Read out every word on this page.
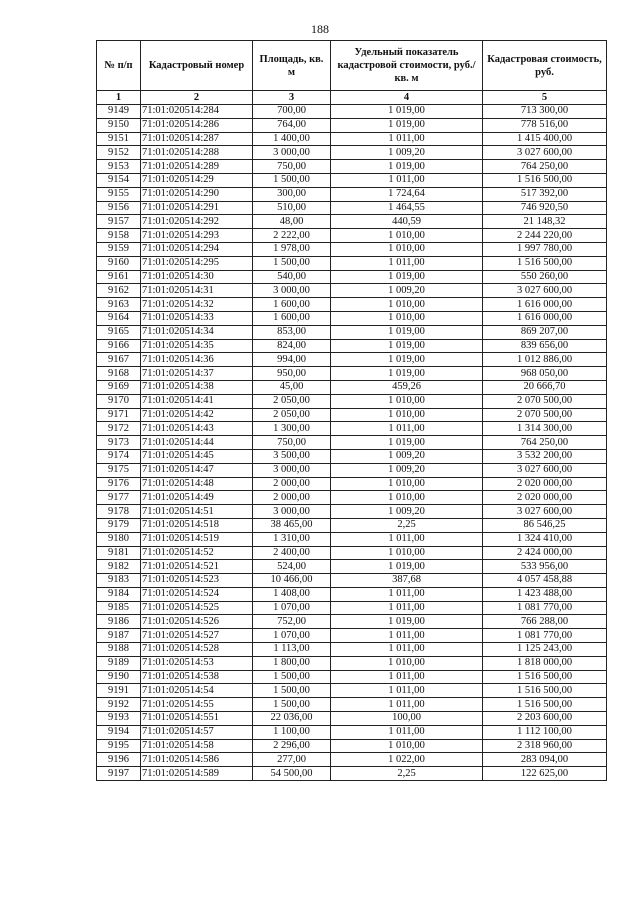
188
№ п/п	Кадастровый номер	Площадь, кв. м	Удельный показатель кадастровой стоимости, руб./кв. м	Кадастровая стоимость, руб.
1	2	3	4	5
9149	71:01:020514:284	700,00	1 019,00	713 300,00
9150	71:01:020514:286	764,00	1 019,00	778 516,00
9151	71:01:020514:287	1 400,00	1 011,00	1 415 400,00
9152	71:01:020514:288	3 000,00	1 009,20	3 027 600,00
9153	71:01:020514:289	750,00	1 019,00	764 250,00
9154	71:01:020514:29	1 500,00	1 011,00	1 516 500,00
9155	71:01:020514:290	300,00	1 724,64	517 392,00
9156	71:01:020514:291	510,00	1 464,55	746 920,50
9157	71:01:020514:292	48,00	440,59	21 148,32
9158	71:01:020514:293	2 222,00	1 010,00	2 244 220,00
9159	71:01:020514:294	1 978,00	1 010,00	1 997 780,00
9160	71:01:020514:295	1 500,00	1 011,00	1 516 500,00
9161	71:01:020514:30	540,00	1 019,00	550 260,00
9162	71:01:020514:31	3 000,00	1 009,20	3 027 600,00
9163	71:01:020514:32	1 600,00	1 010,00	1 616 000,00
9164	71:01:020514:33	1 600,00	1 010,00	1 616 000,00
9165	71:01:020514:34	853,00	1 019,00	869 207,00
9166	71:01:020514:35	824,00	1 019,00	839 656,00
9167	71:01:020514:36	994,00	1 019,00	1 012 886,00
9168	71:01:020514:37	950,00	1 019,00	968 050,00
9169	71:01:020514:38	45,00	459,26	20 666,70
9170	71:01:020514:41	2 050,00	1 010,00	2 070 500,00
9171	71:01:020514:42	2 050,00	1 010,00	2 070 500,00
9172	71:01:020514:43	1 300,00	1 011,00	1 314 300,00
9173	71:01:020514:44	750,00	1 019,00	764 250,00
9174	71:01:020514:45	3 500,00	1 009,20	3 532 200,00
9175	71:01:020514:47	3 000,00	1 009,20	3 027 600,00
9176	71:01:020514:48	2 000,00	1 010,00	2 020 000,00
9177	71:01:020514:49	2 000,00	1 010,00	2 020 000,00
9178	71:01:020514:51	3 000,00	1 009,20	3 027 600,00
9179	71:01:020514:518	38 465,00	2,25	86 546,25
9180	71:01:020514:519	1 310,00	1 011,00	1 324 410,00
9181	71:01:020514:52	2 400,00	1 010,00	2 424 000,00
9182	71:01:020514:521	524,00	1 019,00	533 956,00
9183	71:01:020514:523	10 466,00	387,68	4 057 458,88
9184	71:01:020514:524	1 408,00	1 011,00	1 423 488,00
9185	71:01:020514:525	1 070,00	1 011,00	1 081 770,00
9186	71:01:020514:526	752,00	1 019,00	766 288,00
9187	71:01:020514:527	1 070,00	1 011,00	1 081 770,00
9188	71:01:020514:528	1 113,00	1 011,00	1 125 243,00
9189	71:01:020514:53	1 800,00	1 010,00	1 818 000,00
9190	71:01:020514:538	1 500,00	1 011,00	1 516 500,00
9191	71:01:020514:54	1 500,00	1 011,00	1 516 500,00
9192	71:01:020514:55	1 500,00	1 011,00	1 516 500,00
9193	71:01:020514:551	22 036,00	100,00	2 203 600,00
9194	71:01:020514:57	1 100,00	1 011,00	1 112 100,00
9195	71:01:020514:58	2 296,00	1 010,00	2 318 960,00
9196	71:01:020514:586	277,00	1 022,00	283 094,00
9197	71:01:020514:589	54 500,00	2,25	122 625,00
